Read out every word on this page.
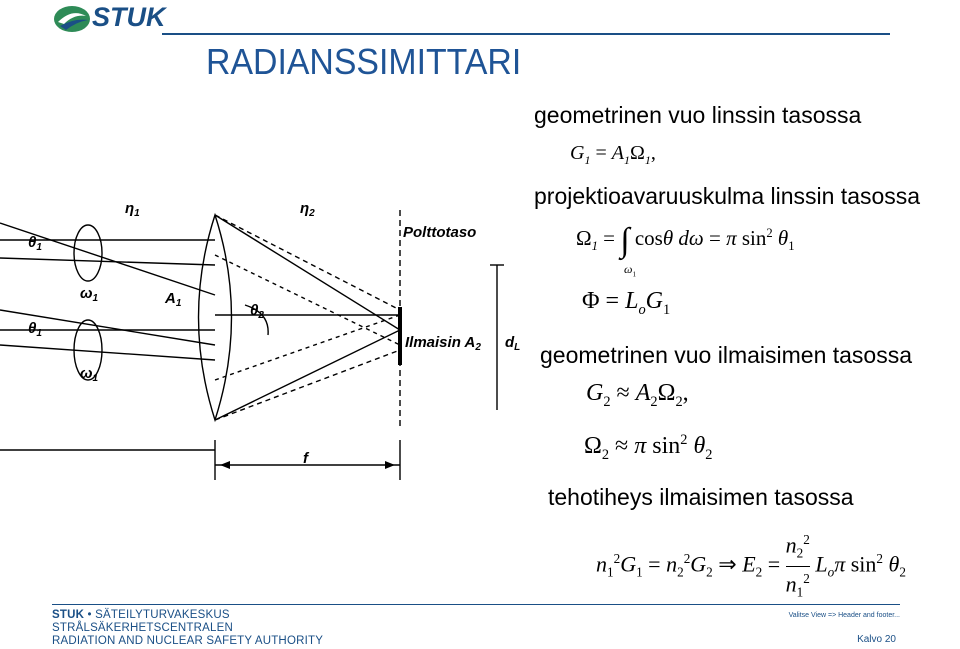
STUK
RADIANSSIMITTARI
$\eta_1$	$\eta_2$
Polttotaso
Ilmaisin $A_2$ $d_L$
$A_1$	$\theta_2$
$\theta_1$
$\theta_1$
$\omega_1$
$\omega_1$
f
geometrinen vuo linssin tasossa
$G_1 = A_1\Omega_1$,
projektioavaruuskulma linssin tasossa
$\Omega_1$ = ∫ cosθ dω = π $\sin^2 \theta_1$
$\omega_1$
$\Phi = L_oG_1$
geometrinen vuo ilmaisimen tasossa
$G_2 \approx A_2\Omega_2$,
$\Omega_2 \approx \pi$ $\sin^2 \theta_2$
tehotiheys ilmaisimen tasossa
$n_1^2G_1 = n_2^2G_2$ ⇒ $E_2 = \frac{n_2^2}{n_1^2} L_o\pi$ $\sin^2 \theta_2$
STUK • SÄTEILYTURVAKESKUS
STRÅLSÄKERHETSCENTRALEN
RADIATION AND NUCLEAR SAFETY AUTHORITY
Valitse View => Header and footer...
Kalvo 20
